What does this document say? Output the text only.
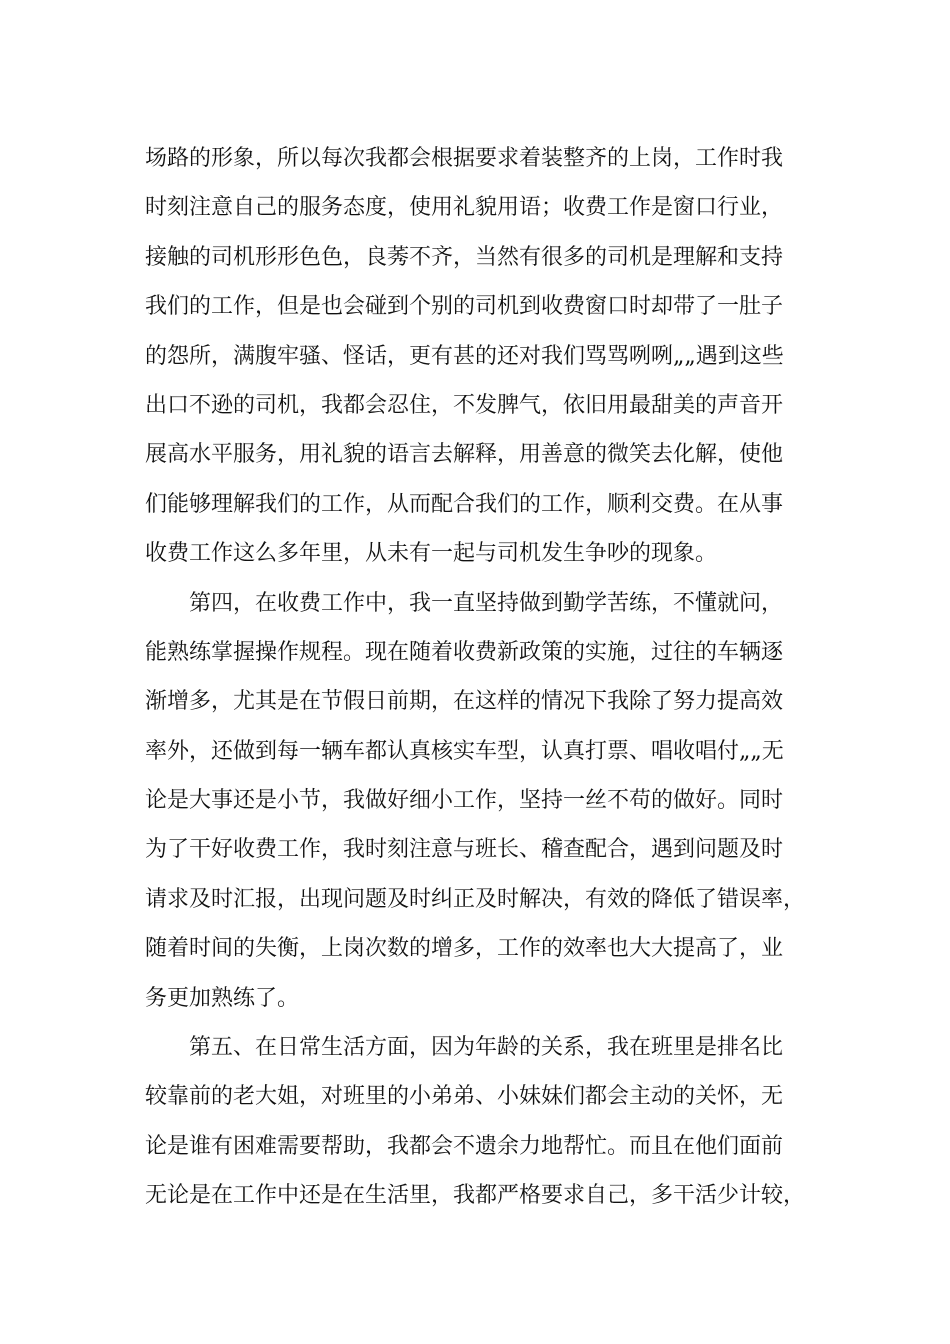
场路的形象，所以每次我都会根据要求着装整齐的上岗，工作时我
时刻注意自己的服务态度，使用礼貌用语；收费工作是窗口行业，
接触的司机形形色色，良莠不齐，当然有很多的司机是理解和支持
我们的工作，但是也会碰到个别的司机到收费窗口时却带了一肚子
的怨所，满腹牢骚、怪话，更有甚的还对我们骂骂咧咧„„遇到这些
出口不逊的司机，我都会忍住，不发脾气，依旧用最甜美的声音开
展高水平服务，用礼貌的语言去解释，用善意的微笑去化解，使他
们能够理解我们的工作，从而配合我们的工作，顺利交费。在从事
收费工作这么多年里，从未有一起与司机发生争吵的现象。
第四，在收费工作中，我一直坚持做到勤学苦练，不懂就问，
能熟练掌握操作规程。现在随着收费新政策的实施，过往的车辆逐
渐增多，尤其是在节假日前期，在这样的情况下我除了努力提高效
率外，还做到每一辆车都认真核实车型，认真打票、唱收唱付„„无
论是大事还是小节，我做好细小工作，坚持一丝不苟的做好。同时
为了干好收费工作，我时刻注意与班长、稽查配合，遇到问题及时
请求及时汇报，出现问题及时纠正及时解决，有效的降低了错误率，
随着时间的失衡，上岗次数的增多，工作的效率也大大提高了，业
务更加熟练了。
第五、在日常生活方面，因为年龄的关系，我在班里是排名比
较靠前的老大姐，对班里的小弟弟、小妹妹们都会主动的关怀，无
论是谁有困难需要帮助，我都会不遗余力地帮忙。而且在他们面前
无论是在工作中还是在生活里，我都严格要求自己，多干活少计较，
